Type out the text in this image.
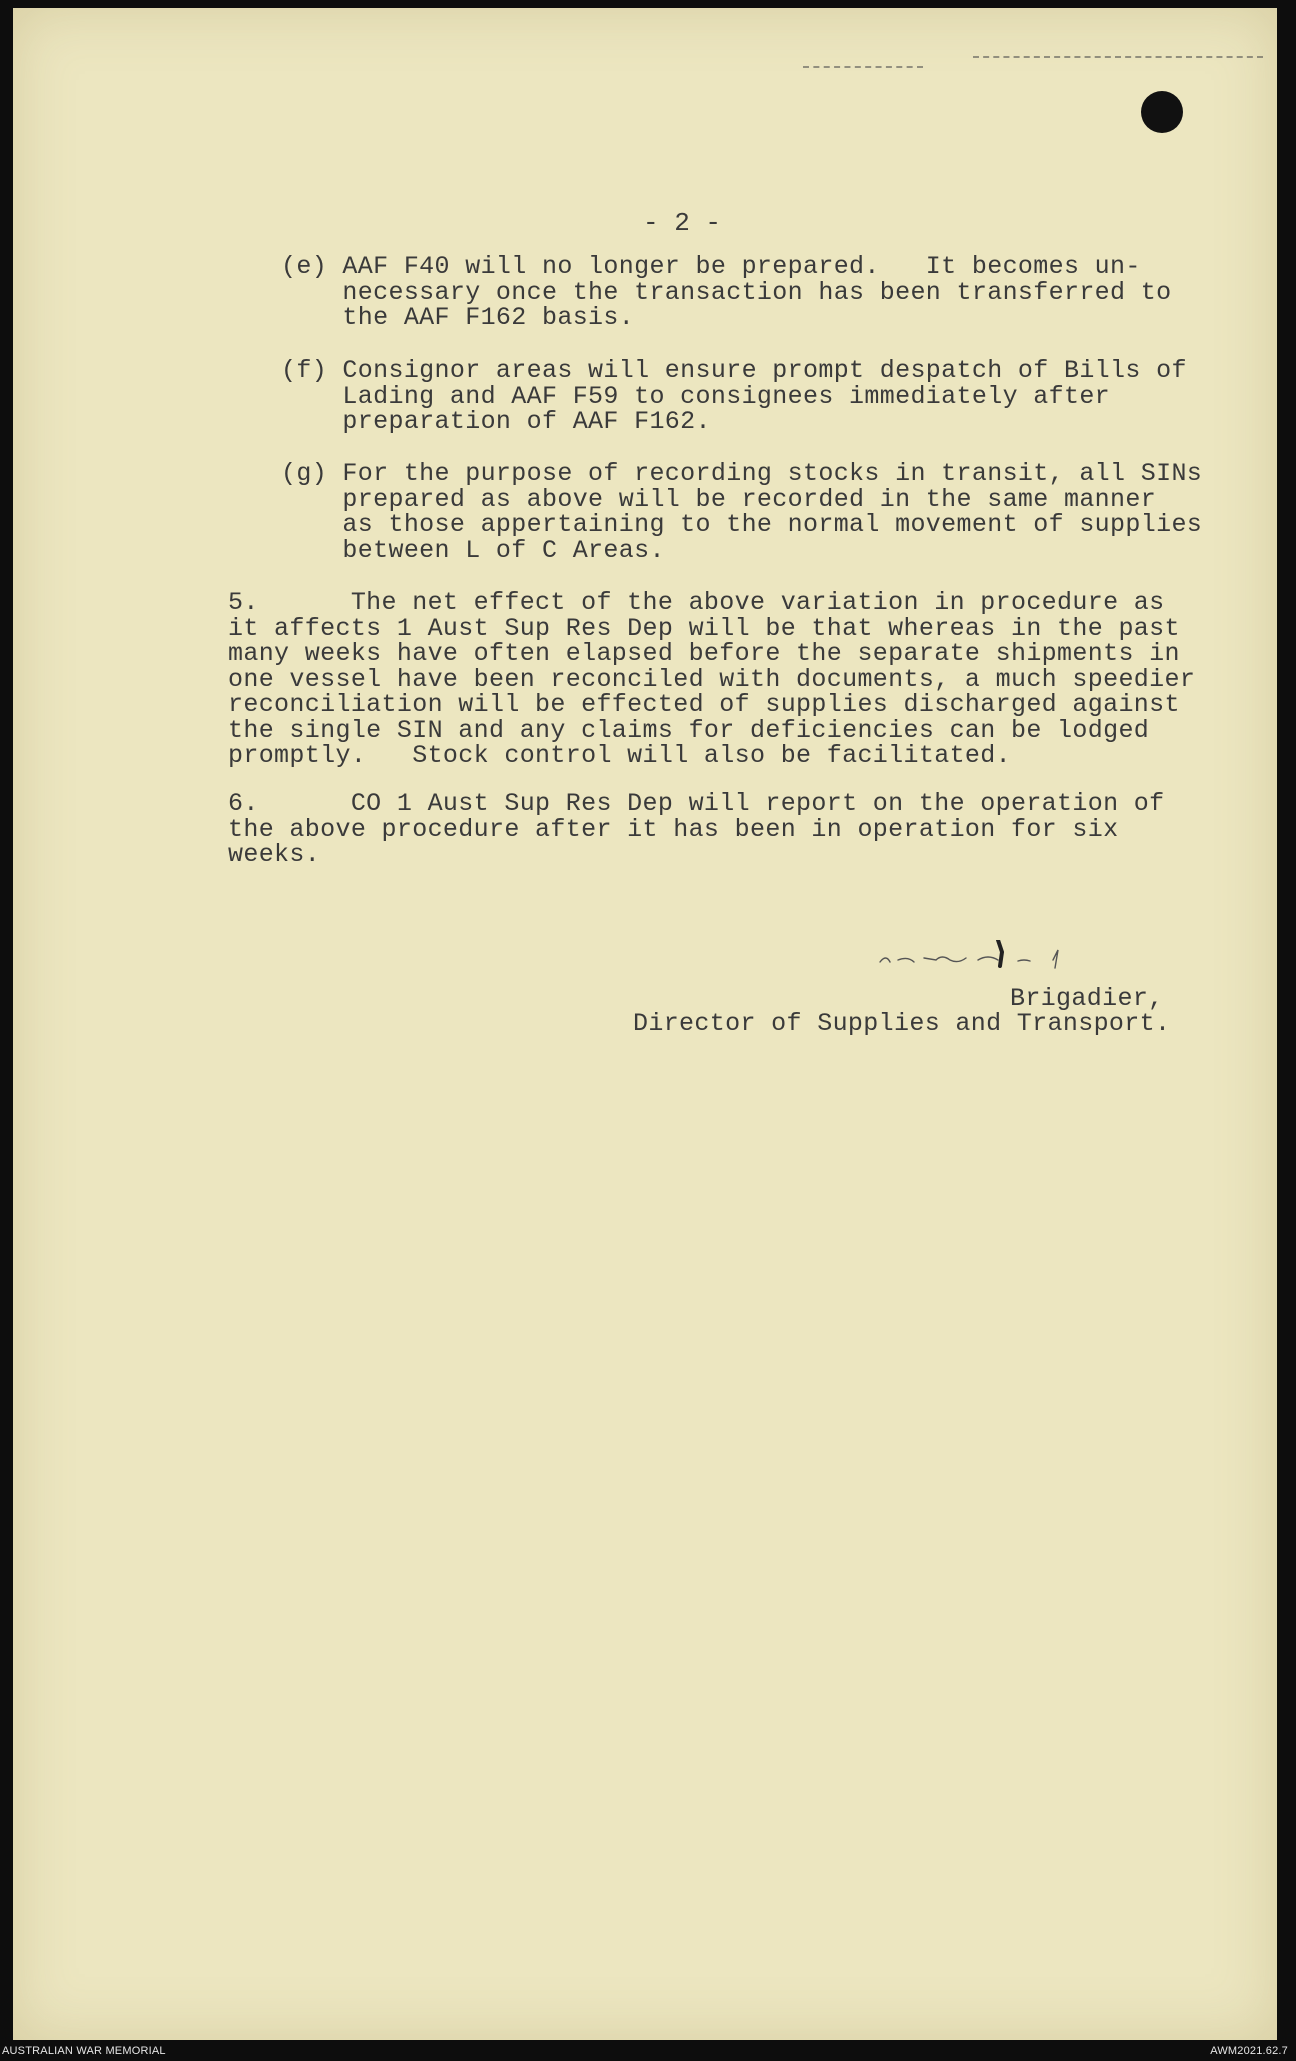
- 2 -
(e) AAF F40 will no longer be prepared.   It becomes un-
necessary once the transaction has been transferred to
the AAF F162 basis.
(f) Consignor areas will ensure prompt despatch of Bills of
Lading and AAF F59 to consignees immediately after
preparation of AAF F162.
(g) For the purpose of recording stocks in transit, all SINs
prepared as above will be recorded in the same manner
as those appertaining to the normal movement of supplies
between L of C Areas.
5.      The net effect of the above variation in procedure as
it affects 1 Aust Sup Res Dep will be that whereas in the past
many weeks have often elapsed before the separate shipments in
one vessel have been reconciled with documents, a much speedier
reconciliation will be effected of supplies discharged against
the single SIN and any claims for deficiencies can be lodged
promptly.   Stock control will also be facilitated.
6.      CO 1 Aust Sup Res Dep will report on the operation of
the above procedure after it has been in operation for six
weeks.
Brigadier,
Director of Supplies and Transport.
AUSTRALIAN WAR MEMORIAL	AWM2021.62.7
